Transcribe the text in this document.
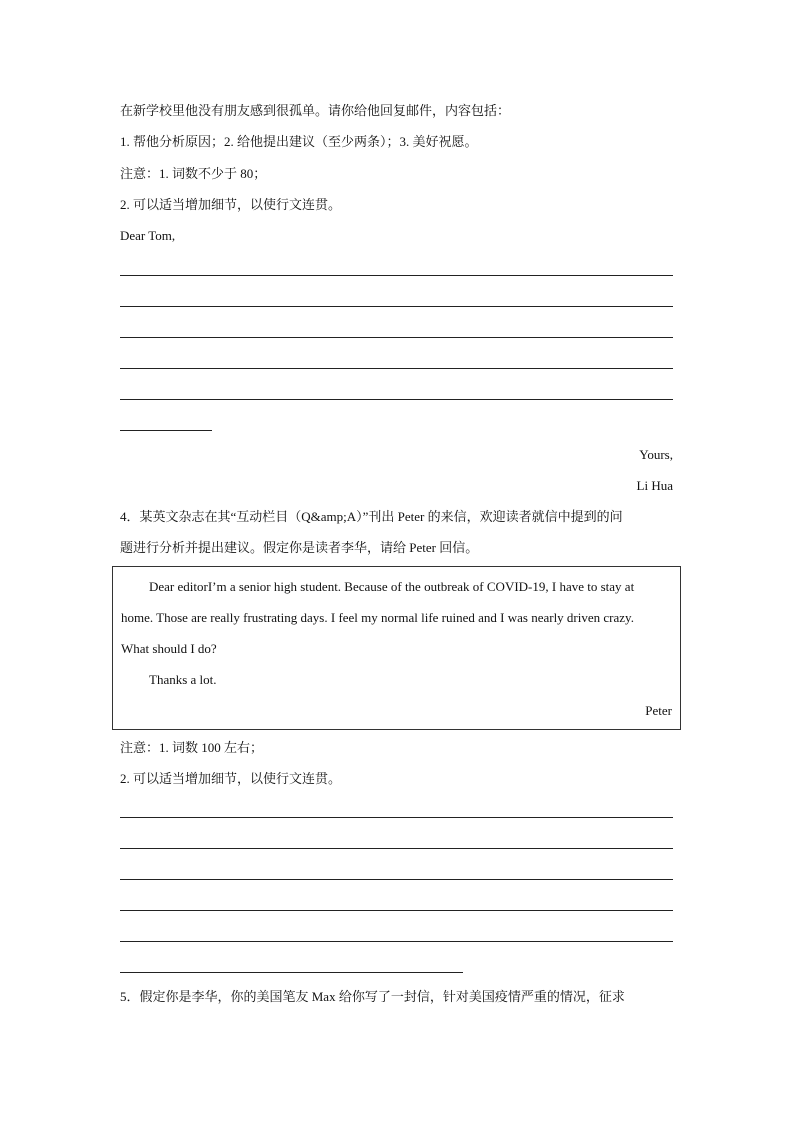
在新学校里他没有朋友感到很孤单。请你给他回复邮件，内容包括：
1. 帮他分析原因；2. 给他提出建议（至少两条）；3. 美好祝愿。
注意：1. 词数不少于 80；
2. 可以适当增加细节，以使行文连贯。
Dear Tom,
Yours,
Li Hua
4．某英文杂志在其“互动栏目（Q&amp;A）”刊出 Peter 的来信，欢迎读者就信中提到的问
题进行分析并提出建议。假定你是读者李华，请给 Peter 回信。
Dear editorI’m a senior high student. Because of the outbreak of COVID-19, I have to stay at
home. Those are really frustrating days. I feel my normal life ruined and I was nearly driven crazy.
What should I do?
Thanks a lot.
Peter
注意：1. 词数 100 左右；
2. 可以适当增加细节，以使行文连贯。
5．假定你是李华，你的美国笔友 Max 给你写了一封信，针对美国疫情严重的情况，征求
